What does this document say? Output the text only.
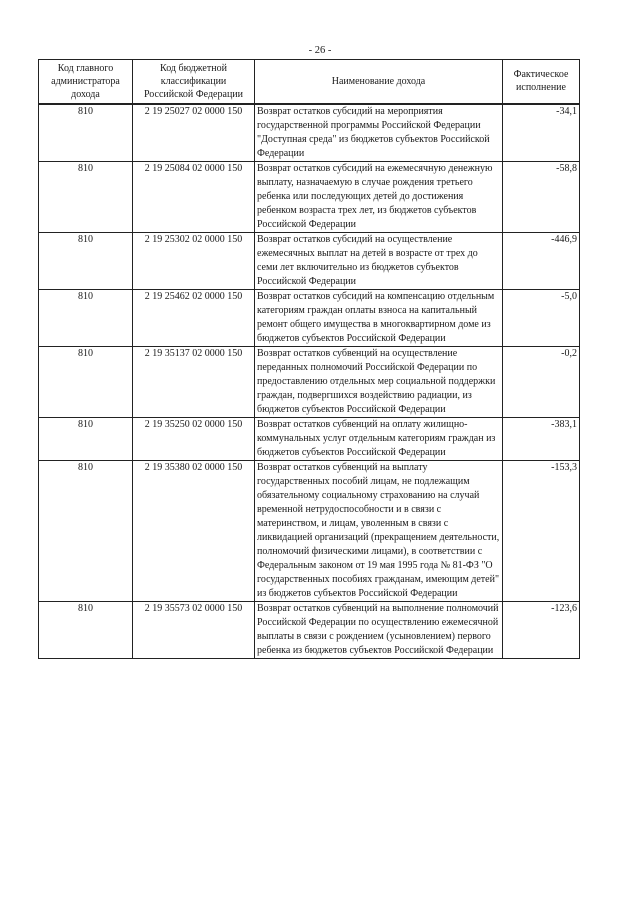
- 26 -
Код главного администратора дохода	Код бюджетной классификации Российской Федерации	Наименование дохода	Фактическое исполнение
810	2 19 25027 02 0000 150	Возврат остатков субсидий на мероприятия государственной программы Российской Федерации "Доступная среда" из бюджетов субъектов Российской Федерации	-34,1
810	2 19 25084 02 0000 150	Возврат остатков субсидий на ежемесячную денежную выплату, назначаемую в случае рождения третьего ребенка или последующих детей до достижения ребенком возраста трех лет, из бюджетов субъектов Российской Федерации	-58,8
810	2 19 25302 02 0000 150	Возврат остатков субсидий на осуществление ежемесячных выплат на детей в возрасте от трех до семи лет включительно из бюджетов субъектов Российской Федерации	-446,9
810	2 19 25462 02 0000 150	Возврат остатков субсидий на компенсацию отдельным категориям граждан оплаты взноса на капитальный ремонт общего имущества в многоквартирном доме из бюджетов субъектов Российской Федерации	-5,0
810	2 19 35137 02 0000 150	Возврат остатков субвенций на осуществление переданных полномочий Российской Федерации по предоставлению отдельных мер социальной поддержки граждан, подвергшихся воздействию радиации, из бюджетов субъектов Российской Федерации	-0,2
810	2 19 35250 02 0000 150	Возврат остатков субвенций на оплату жилищно-коммунальных услуг отдельным категориям граждан из бюджетов субъектов Российской Федерации	-383,1
810	2 19 35380 02 0000 150	Возврат остатков субвенций на выплату государственных пособий лицам, не подлежащим обязательному социальному страхованию на случай временной нетрудоспособности и в связи с материнством, и лицам, уволенным в связи с ликвидацией организаций (прекращением деятельности, полномочий физическими лицами), в соответствии с Федеральным законом от 19 мая 1995 года № 81-ФЗ "О государственных пособиях гражданам, имеющим детей" из бюджетов субъектов Российской Федерации	-153,3
810	2 19 35573 02 0000 150	Возврат остатков субвенций на выполнение полномочий Российской Федерации по осуществлению ежемесячной выплаты в связи с рождением (усыновлением) первого ребенка из бюджетов субъектов Российской Федерации	-123,6
